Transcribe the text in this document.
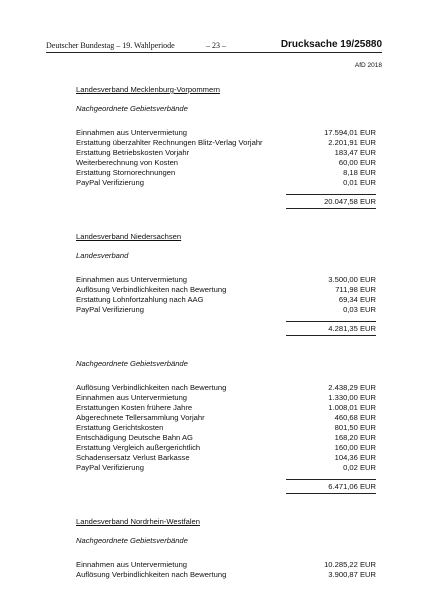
Deutscher Bundestag – 19. Wahlperiode	– 23 –	Drucksache 19/25880
AfD 2018
Landesverband Mecklenburg-Vorpommern
Nachgeordnete Gebietsverbände
Einnahmen aus Untervermietung	17.594,01 EUR
Erstattung überzahlter Rechnungen Blitz-Verlag Vorjahr	2.201,91 EUR
Erstattung Betriebskosten Vorjahr	183,47 EUR
Weiterberechnung von Kosten	60,00 EUR
Erstattung Stornorechnungen	8,18 EUR
PayPal Verifizierung	0,01 EUR
20.047,58 EUR
Landesverband Niedersachsen
Landesverband
Einnahmen aus Untervermietung	3.500,00 EUR
Auflösung Verbindlichkeiten nach Bewertung	711,98 EUR
Erstattung Lohnfortzahlung nach AAG	69,34 EUR
PayPal Verifizierung	0,03 EUR
4.281,35 EUR
Nachgeordnete Gebietsverbände
Auflösung Verbindlichkeiten nach Bewertung	2.438,29 EUR
Einnahmen aus Untervermietung	1.330,00 EUR
Erstattungen Kosten frühere Jahre	1.008,01 EUR
Abgerechnete Tellersammlung Vorjahr	460,68 EUR
Erstattung Gerichtskosten	801,50 EUR
Entschädigung Deutsche Bahn AG	168,20 EUR
Erstattung Vergleich außergerichtlich	160,00 EUR
Schadensersatz Verlust Barkasse	104,36 EUR
PayPal Verifizierung	0,02 EUR
6.471,06 EUR
Landesverband Nordrhein-Westfalen
Nachgeordnete Gebietsverbände
Einnahmen aus Untervermietung	10.285,22 EUR
Auflösung Verbindlichkeiten nach Bewertung	3.900,87 EUR
